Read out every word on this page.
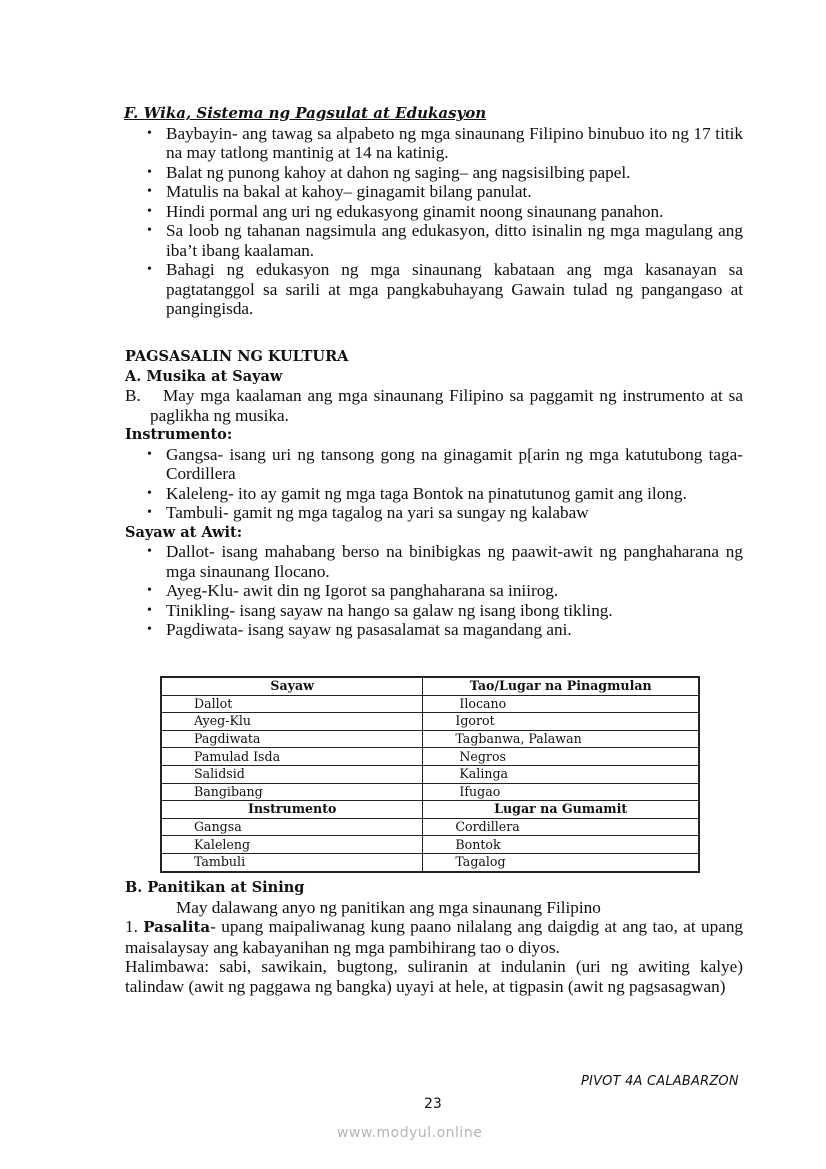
F. Wika, Sistema ng Pagsulat at Edukasyon
• Baybayin- ang tawag sa alpabeto ng mga sinaunang Filipino binubuo ito ng 17 titik na may tatlong mantinig at 14 na katinig.
• Balat ng punong kahoy at dahon ng saging– ang nagsisilbing papel.
• Matulis na bakal at kahoy– ginagamit bilang panulat.
• Hindi pormal ang uri ng edukasyong ginamit noong sinaunang panahon.
• Sa loob ng tahanan nagsimula ang edukasyon, ditto isinalin ng mga magulang ang iba’t ibang kaalaman.
• Bahagi ng edukasyon ng mga sinaunang kabataan ang mga kasanayan sa pagtatanggol sa sarili at mga pangkabuhayang Gawain tulad ng pangangaso at pangingisda.
PAGSASALIN NG KULTURA
A. Musika at Sayaw
B. May mga kaalaman ang mga sinaunang Filipino sa paggamit ng instrumento at sa paglikha ng musika.
Instrumento:
• Gangsa- isang uri ng tansong gong na ginagamit p[arin ng mga katutubong taga-Cordillera
• Kaleleng- ito ay gamit ng mga taga Bontok na pinatutunog gamit ang ilong.
• Tambuli- gamit ng mga tagalog na yari sa sungay ng kalabaw
Sayaw at Awit:
• Dallot- isang mahabang berso na binibigkas ng paawit-awit ng panghaharana ng mga sinaunang Ilocano.
• Ayeg-Klu- awit din ng Igorot sa panghaharana sa iniirog.
• Tinikling- isang sayaw na hango sa galaw ng isang ibong tikling.
• Pagdiwata- isang sayaw ng pasasalamat sa magandang ani.
Sayaw	Tao/Lugar na Pinagmulan
Dallot	Ilocano
Ayeg-Klu	Igorot
Pagdiwata	Tagbanwa, Palawan
Pamulad Isda	Negros
Salidsid	Kalinga
Bangibang	Ifugao
Instrumento	Lugar na Gumamit
Gangsa	Cordillera
Kaleleng	Bontok
Tambuli	Tagalog
B. Panitikan at Sining
May dalawang anyo ng panitikan ang mga sinaunang Filipino
1. Pasalita- upang maipaliwanag kung paano nilalang ang daigdig at ang tao, at upang maisalaysay ang kabayanihan ng mga pambihirang tao o diyos.
Halimbawa: sabi, sawikain, bugtong, suliranin at indulanin (uri ng awiting kalye) talindaw (awit ng paggawa ng bangka) uyayi at hele, at tigpasin (awit ng pagsasagwan)
PIVOT 4A CALABARZON
23
www.modyul.online
